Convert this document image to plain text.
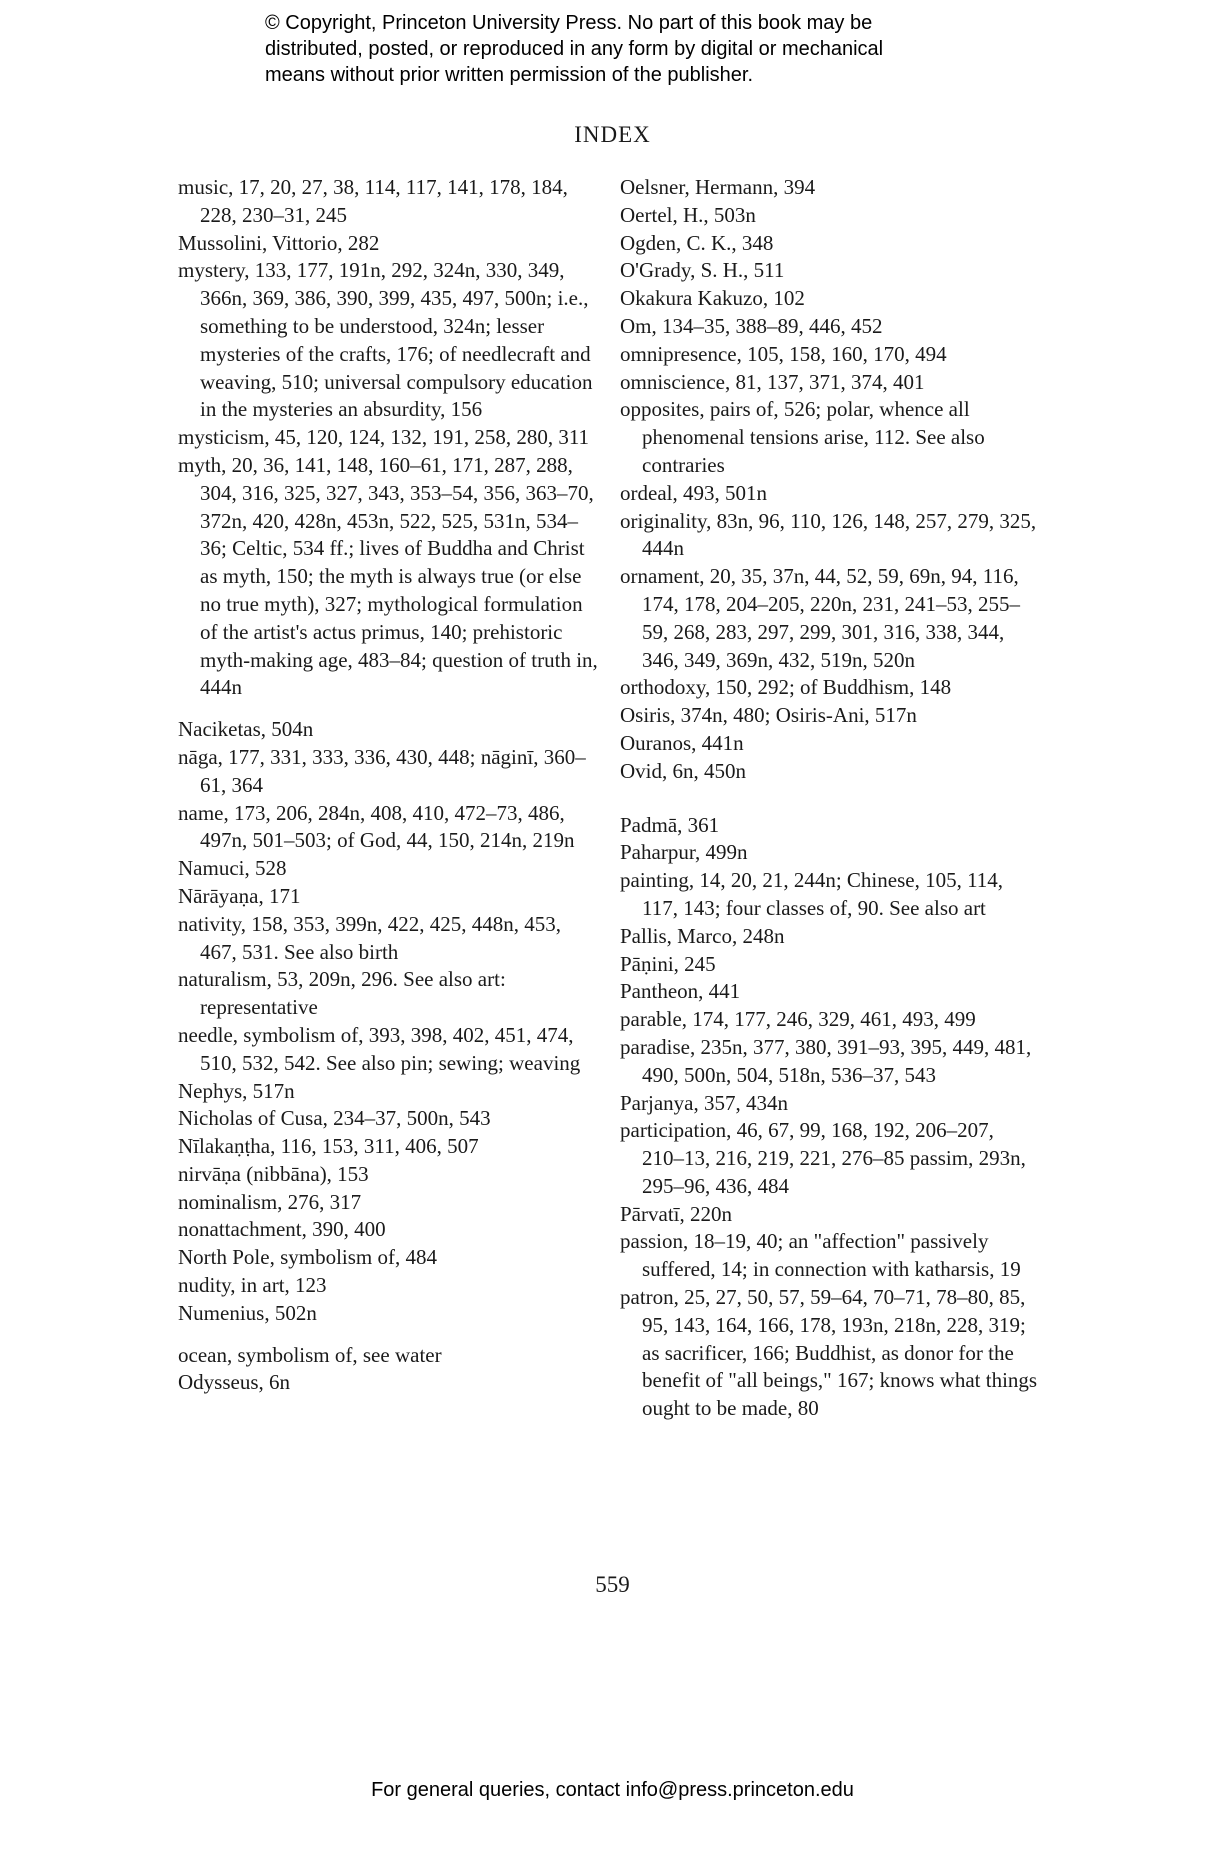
© Copyright, Princeton University Press. No part of this book may be
distributed, posted, or reproduced in any form by digital or mechanical
means without prior written permission of the publisher.
INDEX
music, 17, 20, 27, 38, 114, 117, 141, 178, 184, 228, 230–31, 245
Mussolini, Vittorio, 282
mystery, 133, 177, 191n, 292, 324n, 330, 349, 366n, 369, 386, 390, 399, 435, 497, 500n; i.e., something to be understood, 324n; lesser mysteries of the crafts, 176; of needlecraft and weaving, 510; universal compulsory education in the mysteries an absurdity, 156
mysticism, 45, 120, 124, 132, 191, 258, 280, 311
myth, 20, 36, 141, 148, 160–61, 171, 287, 288, 304, 316, 325, 327, 343, 353–54, 356, 363–70, 372n, 420, 428n, 453n, 522, 525, 531n, 534–36; Celtic, 534 ff.; lives of Buddha and Christ as myth, 150; the myth is always true (or else no true myth), 327; mythological formulation of the artist's actus primus, 140; prehistoric myth-making age, 483–84; question of truth in, 444n
Naciketas, 504n
nāga, 177, 331, 333, 336, 430, 448; nāginī, 360–61, 364
name, 173, 206, 284n, 408, 410, 472–73, 486, 497n, 501–503; of God, 44, 150, 214n, 219n
Namuci, 528
Nārāyaṇa, 171
nativity, 158, 353, 399n, 422, 425, 448n, 453, 467, 531. See also birth
naturalism, 53, 209n, 296. See also art: representative
needle, symbolism of, 393, 398, 402, 451, 474, 510, 532, 542. See also pin; sewing; weaving
Nephys, 517n
Nicholas of Cusa, 234–37, 500n, 543
Nīlakaṇṭha, 116, 153, 311, 406, 507
nirvāṇa (nibbāna), 153
nominalism, 276, 317
nonattachment, 390, 400
North Pole, symbolism of, 484
nudity, in art, 123
Numenius, 502n
ocean, symbolism of, see water
Odysseus, 6n
Oelsner, Hermann, 394
Oertel, H., 503n
Ogden, C. K., 348
O'Grady, S. H., 511
Okakura Kakuzo, 102
Om, 134–35, 388–89, 446, 452
omnipresence, 105, 158, 160, 170, 494
omniscience, 81, 137, 371, 374, 401
opposites, pairs of, 526; polar, whence all phenomenal tensions arise, 112. See also contraries
ordeal, 493, 501n
originality, 83n, 96, 110, 126, 148, 257, 279, 325, 444n
ornament, 20, 35, 37n, 44, 52, 59, 69n, 94, 116, 174, 178, 204–205, 220n, 231, 241–53, 255–59, 268, 283, 297, 299, 301, 316, 338, 344, 346, 349, 369n, 432, 519n, 520n
orthodoxy, 150, 292; of Buddhism, 148
Osiris, 374n, 480; Osiris-Ani, 517n
Ouranos, 441n
Ovid, 6n, 450n
Padmā, 361
Paharpur, 499n
painting, 14, 20, 21, 244n; Chinese, 105, 114, 117, 143; four classes of, 90. See also art
Pallis, Marco, 248n
Pāṇini, 245
Pantheon, 441
parable, 174, 177, 246, 329, 461, 493, 499
paradise, 235n, 377, 380, 391–93, 395, 449, 481, 490, 500n, 504, 518n, 536–37, 543
Parjanya, 357, 434n
participation, 46, 67, 99, 168, 192, 206–207, 210–13, 216, 219, 221, 276–85 passim, 293n, 295–96, 436, 484
Pārvatī, 220n
passion, 18–19, 40; an "affection" passively suffered, 14; in connection with katharsis, 19
patron, 25, 27, 50, 57, 59–64, 70–71, 78–80, 85, 95, 143, 164, 166, 178, 193n, 218n, 228, 319; as sacrificer, 166; Buddhist, as donor for the benefit of "all beings," 167; knows what things ought to be made, 80
559
For general queries, contact info@press.princeton.edu
